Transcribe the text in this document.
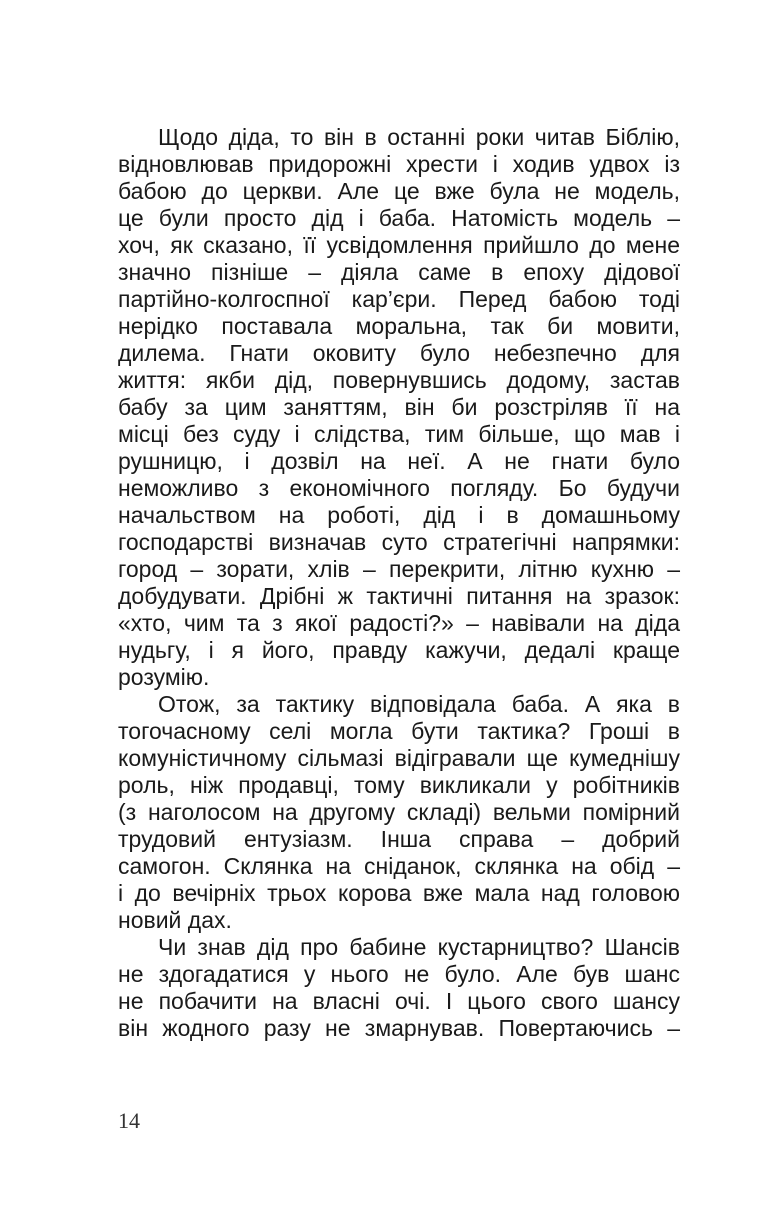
Щодо діда, то він в останні роки читав Біблію,
відновлював придорожні хрести і ходив удвох із
бабою до церкви. Але це вже була не модель,
це були просто дід і баба. Натомість модель –
хоч, як сказано, її усвідомлення прийшло до мене
значно пізніше – діяла саме в епоху дідової
партійно-колгоспної кар’єри. Перед бабою тоді
нерідко поставала моральна, так би мовити,
дилема. Гнати оковиту було небезпечно для
життя: якби дід, повернувшись додому, застав
бабу за цим заняттям, він би розстріляв її на
місці без суду і слідства, тим більше, що мав і
рушницю, і дозвіл на неї. А не гнати було
неможливо з економічного погляду. Бо будучи
начальством на роботі, дід і в домашньому
господарстві визначав суто стратегічні напрямки:
город – зорати, хлів – перекрити, літню кухню –
добудувати. Дрібні ж тактичні питання на зразок:
«хто, чим та з якої радості?» – навівали на діда
нудьгу, і я його, правду кажучи, дедалі краще
розумію.
Отож, за тактику відповідала баба. А яка в
тогочасному селі могла бути тактика? Гроші в
комуністичному сільмазі відігравали ще кумеднішу
роль, ніж продавці, тому викликали у робітників
(з наголосом на другому складі) вельми помірний
трудовий ентузіазм. Інша справа – добрий
самогон. Склянка на сніданок, склянка на обід –
і до вечірніх трьох корова вже мала над головою
новий дах.
Чи знав дід про бабине кустарництво? Шансів
не здогадатися у нього не було. Але був шанс
не побачити на власні очі. І цього свого шансу
він жодного разу не змарнував. Повертаючись –
14
